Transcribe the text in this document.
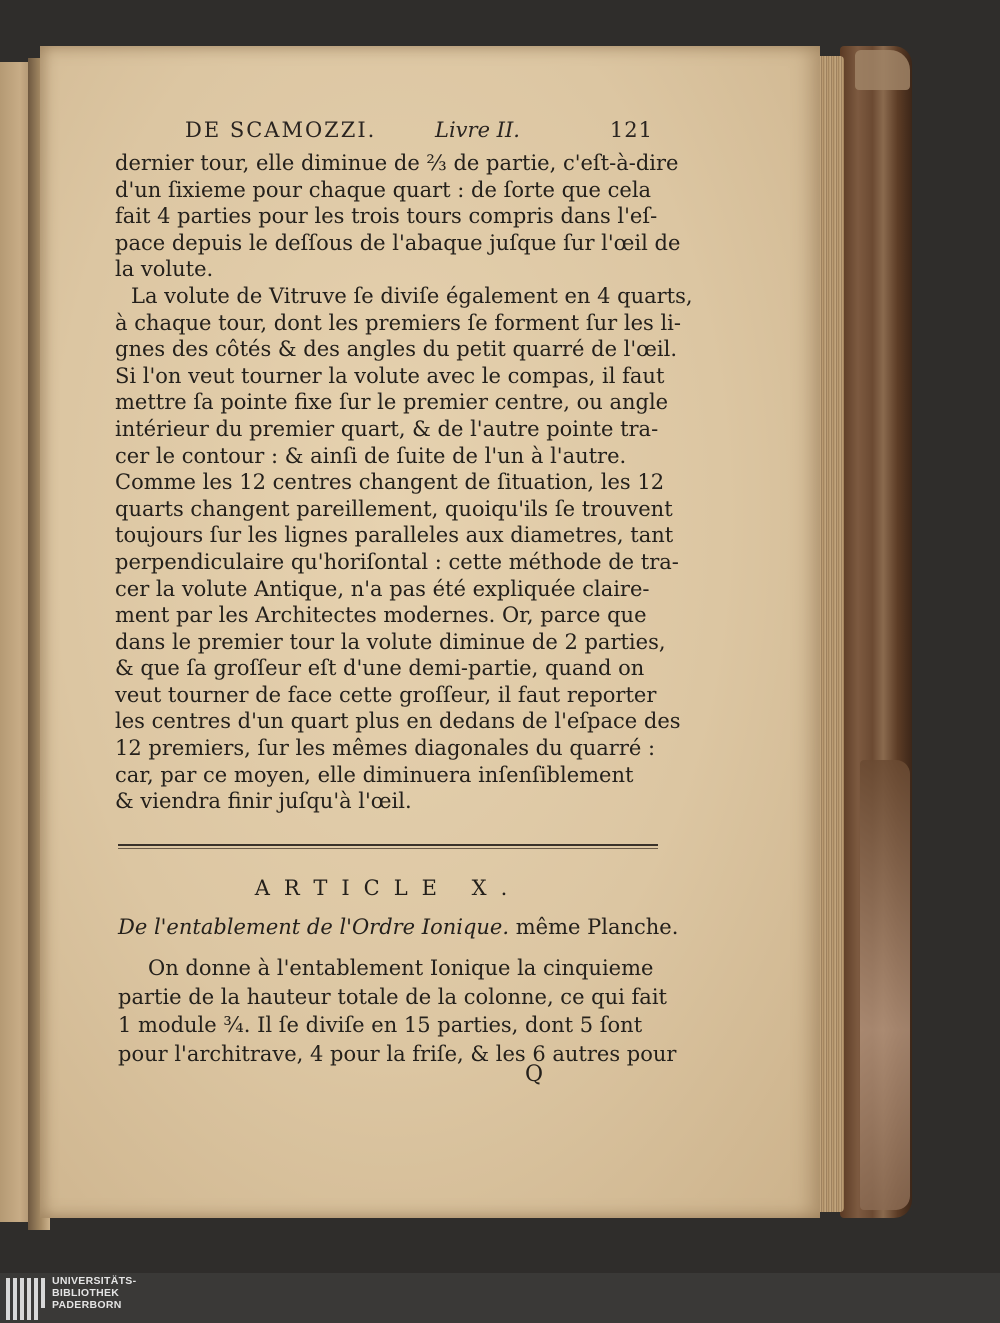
DE SCAMOZZI.	Livre II.	121
dernier tour, elle diminue de ⅔ de partie, c'eſt-à-dire
d'un ſixieme pour chaque quart : de ſorte que cela
fait 4 parties pour les trois tours compris dans l'eſ-
pace depuis le deſſous de l'abaque juſque ſur l'œil de
la volute.
La volute de Vitruve ſe diviſe également en 4 quarts,
à chaque tour, dont les premiers ſe forment ſur les li-
gnes des côtés & des angles du petit quarré de l'œil.
Si l'on veut tourner la volute avec le compas, il faut
mettre ſa pointe fixe ſur le premier centre, ou angle
intérieur du premier quart, & de l'autre pointe tra-
cer le contour : & ainſi de ſuite de l'un à l'autre.
Comme les 12 centres changent de ſituation, les 12
quarts changent pareillement, quoiqu'ils ſe trouvent
toujours ſur les lignes paralleles aux diametres, tant
perpendiculaire qu'horiſontal : cette méthode de tra-
cer la volute Antique, n'a pas été expliquée claire-
ment par les Architectes modernes. Or, parce que
dans le premier tour la volute diminue de 2 parties,
& que ſa groſſeur eſt d'une demi-partie, quand on
veut tourner de face cette groſſeur, il faut reporter
les centres d'un quart plus en dedans de l'eſpace des
12 premiers, ſur les mêmes diagonales du quarré :
car, par ce moyen, elle diminuera inſenſiblement
& viendra finir juſqu'à l'œil.
ARTICLE X.
De l'entablement de l'Ordre Ionique. même Planche.
On donne à l'entablement Ionique la cinquieme
partie de la hauteur totale de la colonne, ce qui fait
1 module ¾. Il ſe diviſe en 15 parties, dont 5 ſont
pour l'architrave, 4 pour la friſe, & les 6 autres pour
Q
UNIVERSITÄTS-
BIBLIOTHEK
PADERBORN
